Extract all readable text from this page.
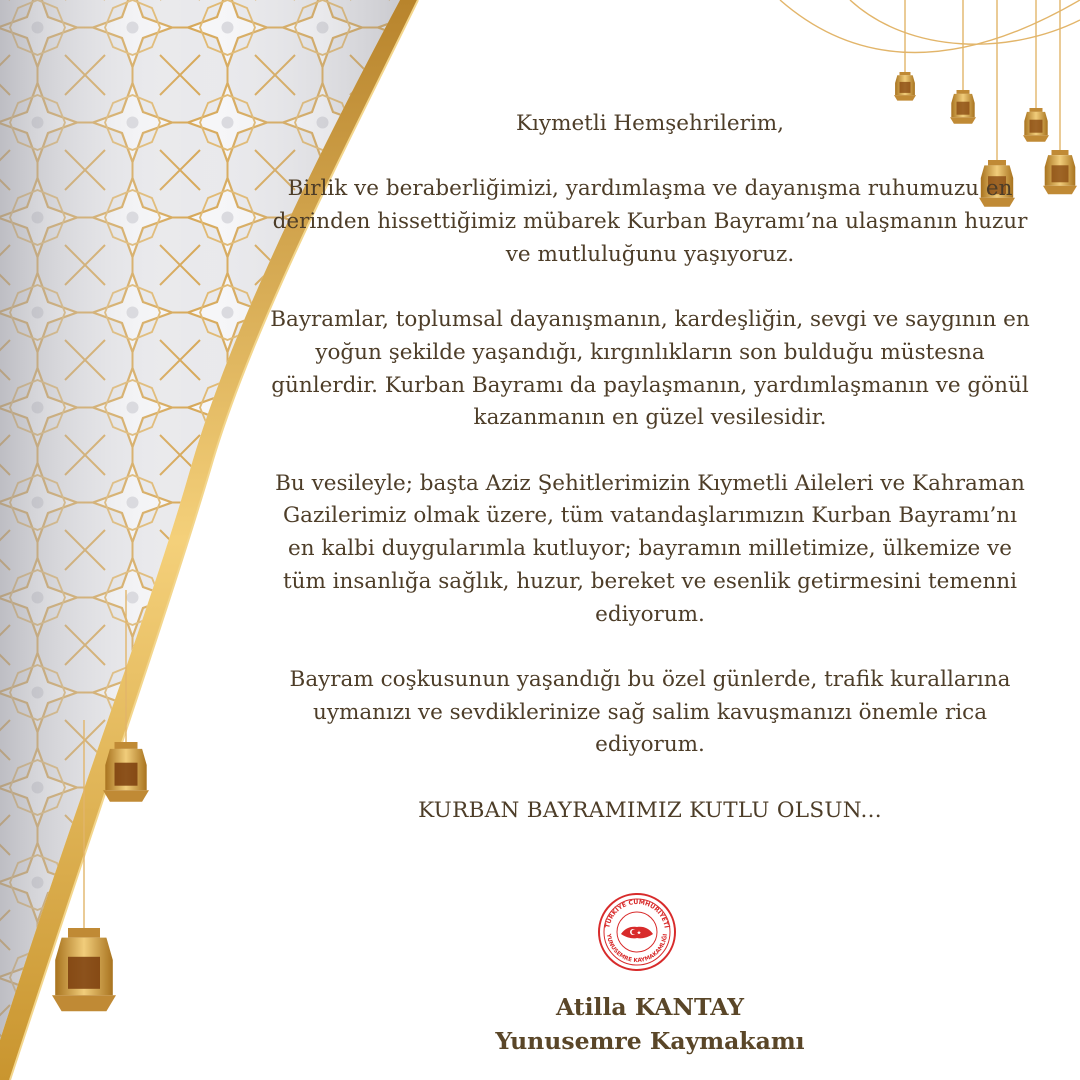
Kıymetli Hemşehrilerim,

Birlik ve beraberliğimizi, yardımlaşma ve dayanışma ruhumuzu en derinden hissettiğimiz mübarek Kurban Bayramı’na ulaşmanın huzur ve mutluluğunu yaşıyoruz.

Bayramlar, toplumsal dayanışmanın, kardeşliğin, sevgi ve saygının en yoğun şekilde yaşandığı, kırgınlıkların son bulduğu müstesna günlerdir. Kurban Bayramı da paylaşmanın, yardımlaşmanın ve gönül kazanmanın en güzel vesilesidir.

Bu vesileyle; başta Aziz Şehitlerimizin Kıymetli Aileleri ve Kahraman Gazilerimiz olmak üzere, tüm vatandaşlarımızın Kurban Bayramı’nı en kalbi duygularımla kutluyor; bayramın milletimize, ülkemize ve tüm insanlığa sağlık, huzur, bereket ve esenlik getirmesini temenni ediyorum.

Bayram coşkusunun yaşandığı bu özel günlerde, trafik kurallarına uymanızı ve sevdiklerinize sağ salim kavuşmanızı önemle rica ediyorum.

KURBAN BAYRAMIMIZ KUTLU OLSUN...

TÜRKİYE CUMHURİYETİ
YUNUSEMRE KAYMAKAMLIĞI
Atilla KANTAY
Yunusemre Kaymakamı
